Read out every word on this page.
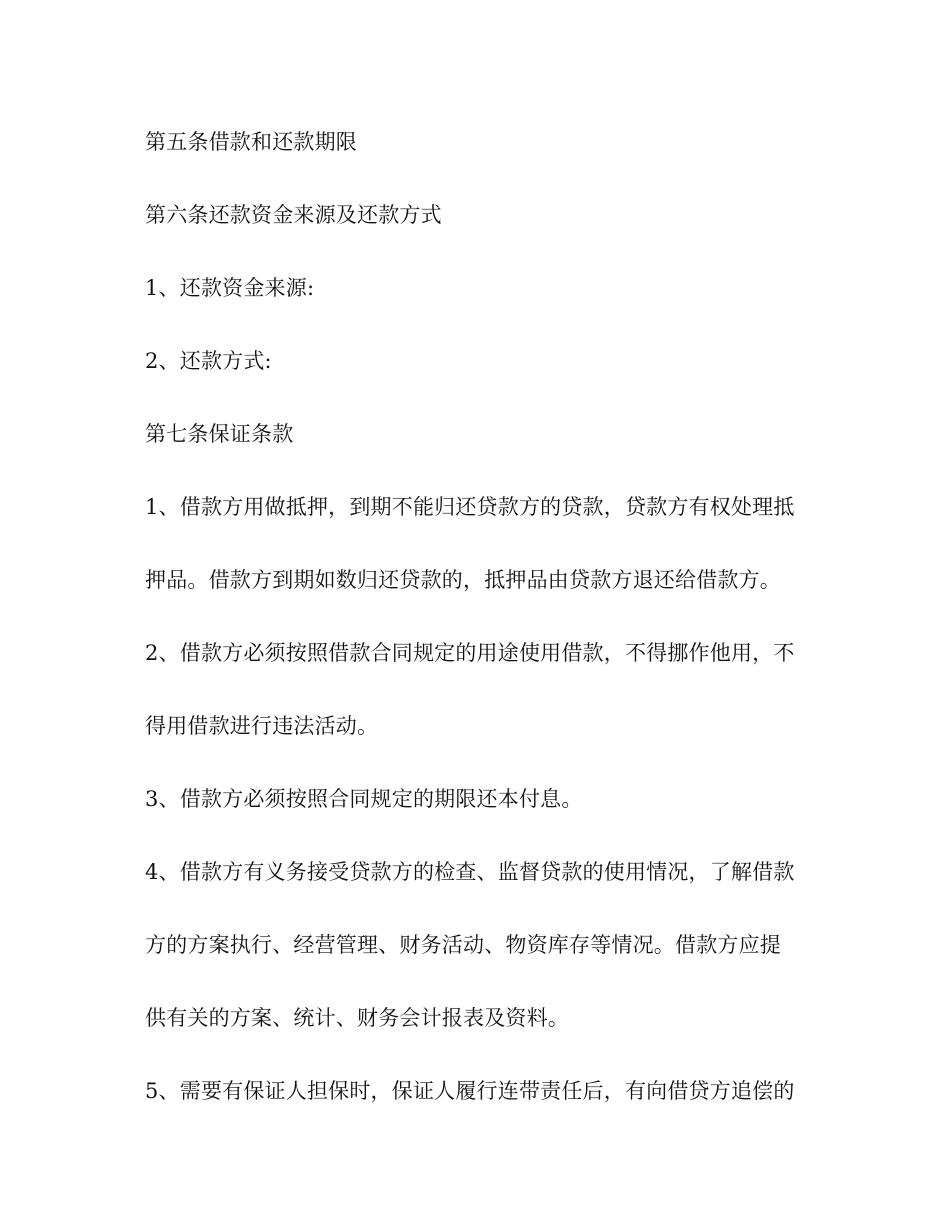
第五条借款和还款期限
第六条还款资金来源及还款方式
1、还款资金来源:
2、还款方式:
第七条保证条款
1、借款方用做抵押，到期不能归还贷款方的贷款，贷款方有权处理抵
押品。借款方到期如数归还贷款的，抵押品由贷款方退还给借款方。
2、借款方必须按照借款合同规定的用途使用借款，不得挪作他用，不
得用借款进行违法活动。
3、借款方必须按照合同规定的期限还本付息。
4、借款方有义务接受贷款方的检查、监督贷款的使用情况，了解借款
方的方案执行、经营管理、财务活动、物资库存等情况。借款方应提
供有关的方案、统计、财务会计报表及资料。
5、需要有保证人担保时，保证人履行连带责任后，有向借贷方追偿的
